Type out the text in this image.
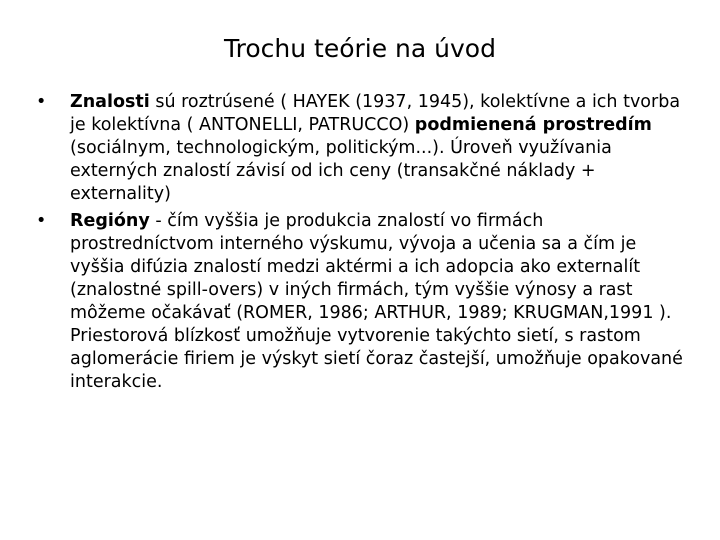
Trochu teórie na úvod
•	Znalosti sú roztrúsené ( HAYEK (1937, 1945), kolektívne a ich tvorba je kolektívna ( ANTONELLI, PATRUCCO) podmienená prostredím (sociálnym, technologickým, politickým...). Úroveň využívania externých znalostí závisí od ich ceny (transakčné náklady + externality)
•	Regióny - čím vyššia je produkcia znalostí vo firmách prostredníctvom interného výskumu, vývoja a učenia sa a čím je vyššia difúzia znalostí medzi aktérmi a ich adopcia ako externalít (znalostné spill-overs) v iných firmách, tým vyššie výnosy a rast môžeme očakávať (ROMER, 1986; ARTHUR, 1989; KRUGMAN,1991 ). Priestorová blízkosť umožňuje vytvorenie takýchto sietí, s rastom aglomerácie firiem je výskyt sietí čoraz častejší, umožňuje opakované interakcie.
